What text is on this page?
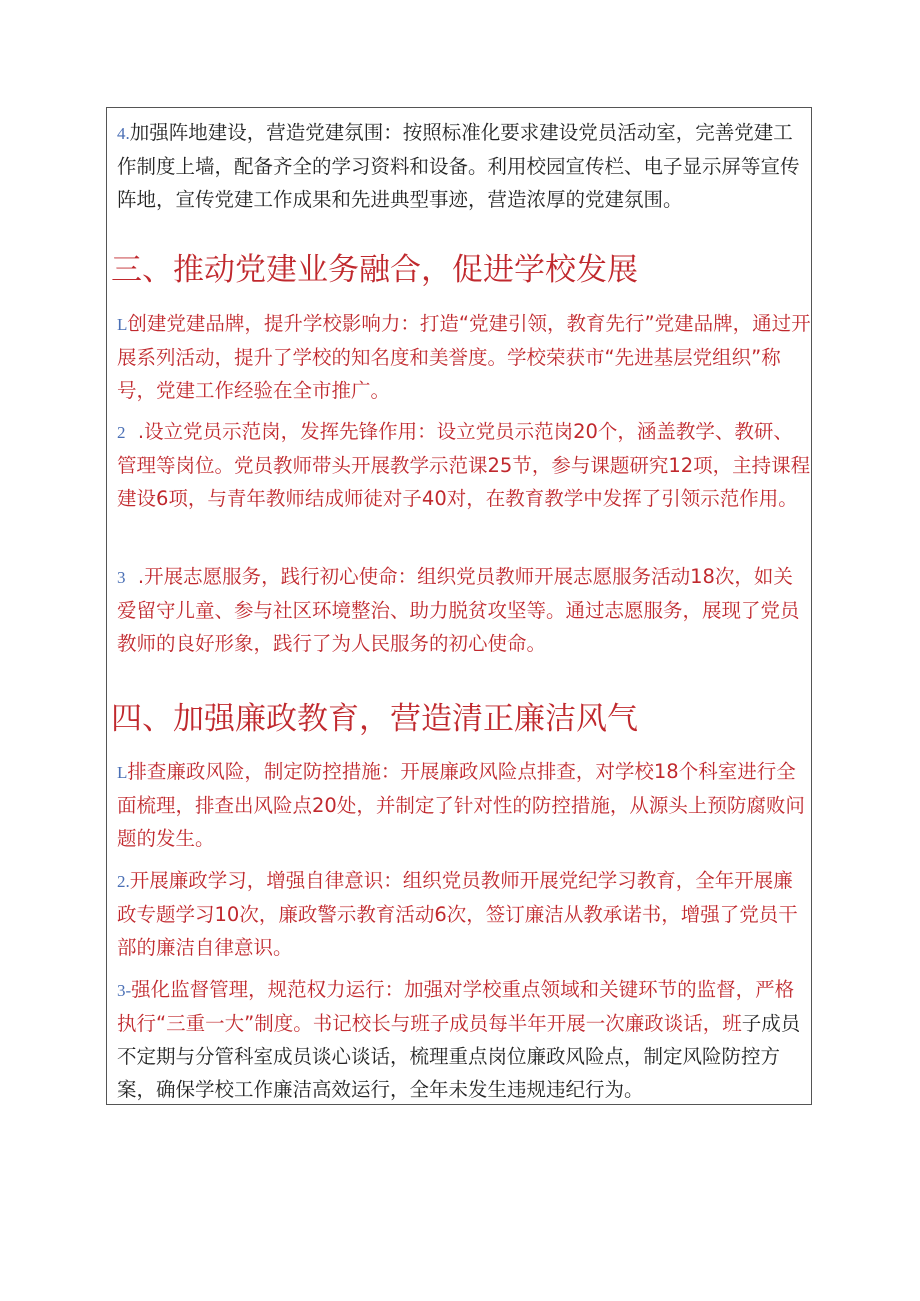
4.加强阵地建设，营造党建氛围：按照标准化要求建设党员活动室，完善党建工作制度上墙，配备齐全的学习资料和设备。利用校园宣传栏、电子显示屏等宣传阵地，宣传党建工作成果和先进典型事迹，营造浓厚的党建氛围。

三、推动党建业务融合，促进学校发展

L创建党建品牌，提升学校影响力：打造“党建引领，教育先行”党建品牌，通过开展系列活动，提升了学校的知名度和美誉度。学校荣获市“先进基层党组织”称号，党建工作经验在全市推广。

2 .设立党员示范岗，发挥先锋作用：设立党员示范岗20个，涵盖教学、教研、管理等岗位。党员教师带头开展教学示范课25节，参与课题研究12项，主持课程建设6项，与青年教师结成师徒对子40对，在教育教学中发挥了引领示范作用。

3 .开展志愿服务，践行初心使命：组织党员教师开展志愿服务活动18次，如关爱留守儿童、参与社区环境整治、助力脱贫攻坚等。通过志愿服务，展现了党员教师的良好形象，践行了为人民服务的初心使命。

四、加强廉政教育，营造清正廉洁风气

L排查廉政风险，制定防控措施：开展廉政风险点排查，对学校18个科室进行全面梳理，排查出风险点20处，并制定了针对性的防控措施，从源头上预防腐败问题的发生。

2.开展廉政学习，增强自律意识：组织党员教师开展党纪学习教育，全年开展廉政专题学习10次，廉政警示教育活动6次，签订廉洁从教承诺书，增强了党员干部的廉洁自律意识。

3-强化监督管理，规范权力运行：加强对学校重点领域和关键环节的监督，严格执行“三重一大”制度。书记校长与班子成员每半年开展一次廉政谈话，班子成员不定期与分管科室成员谈心谈话，梳理重点岗位廉政风险点，制定风险防控方案，确保学校工作廉洁高效运行，全年未发生违规违纪行为。
